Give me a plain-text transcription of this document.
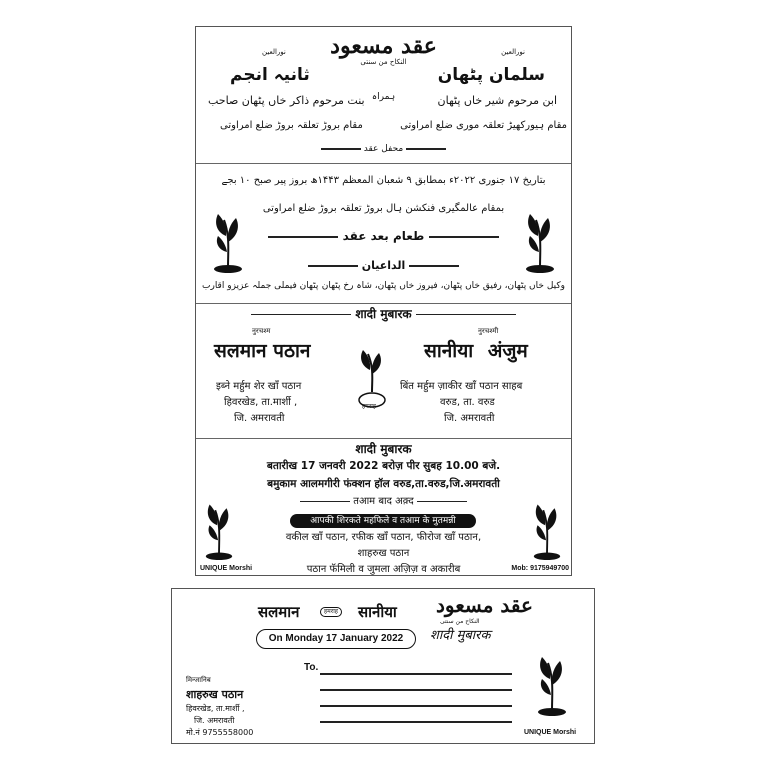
عقد مسعود
النکاح من سنتی
نورالعین
نورالعین
سلمان پٹھان
ثانیہ انجم
ابن مرحوم شیر خاں پٹھان
بنت مرحوم ذاکر خاں پٹھان صاحب ہمراہ
مقام ہیورکھیڑ تعلقہ موری ضلع امراوتی
مقام بروڑ تعلقہ بروڑ ضلع امراوتی
محفل عقد
بتاریخ ۱۷ جنوری ۲۰۲۲ء بمطابق ۹ شعبان المعظم ۱۴۴۳ھ بروز پیر صبح ۱۰ بجے
بمقام عالمگیری فنکشن ہال بروڑ تعلقہ بروڑ ضلع امراوتی
طعام بعد عقد
الداعیان
وکیل خاں پٹھان، رفیق خاں پٹھان، فیروز خاں پٹھان، شاہ رخ پٹھان
پٹھان فیملی جملہ عزیزو اقارب
शादी मुबारक
नुरचश्म	नुरचश्मी
सलमान पठान	सानीया अंजुम
हमराह
इब्ने मर्हुम शेर खाँ पठान
हिवरखेड, ता.मार्शी ,
जि. अमरावती
बिंत मर्हुम ज़ाकीर खाँ पठान साहब
वरुड, ता. वरुड
जि. अमरावती
शादी मुबारक
बतारीख 17 जनवरी 2022 बरोज़ पीर सुबह 10.00 बजे.
बमुकाम आलमगीरी फंक्शन हॉल वरुड,ता.वरुड,जि.अमरावती
तआम बाद अक़्द
आपकी शिरकते महफिले व तआम के मुतमन्नी
वकील खाँ पठान, रफीक खाँ पठान, फीरोज खाँ पठान,
शाहरुख पठान
पठान फॅमिली व जुमला अज़िज़ व अकारीब
UNIQUE Morshi	Mob: 9175949700
सलमान	हमराह सानीया عقد مسعود
النکاح من سنتی
शादी मुबारक
On Monday 17 January 2022
To.
मिन्जानिब
शाहरुख पठान
हिवरखेड, ता.मार्शी ,
जि. अमरावती
मो.नं 9755558000	UNIQUE Morshi
